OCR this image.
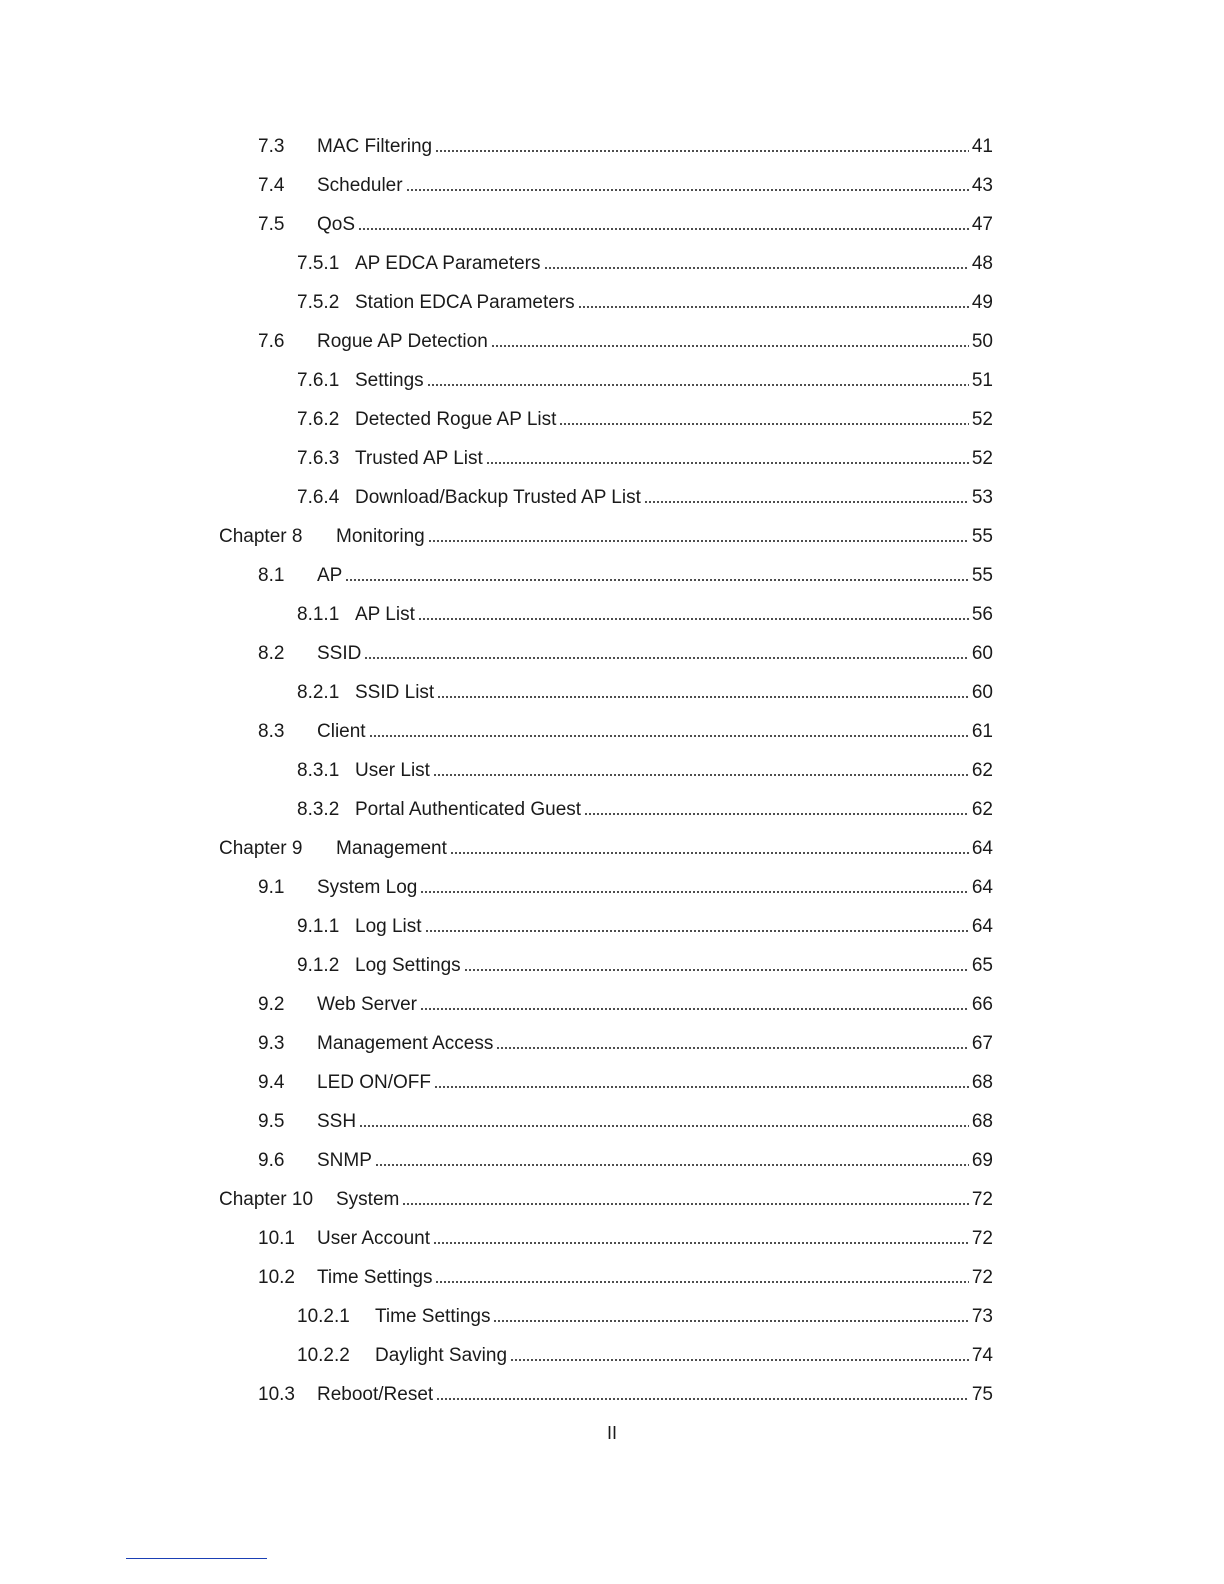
7.3	MAC Filtering	41
7.4	Scheduler	43
7.5	QoS	47
7.5.1 AP EDCA Parameters	48
7.5.2 Station EDCA Parameters	49
7.6	Rogue AP Detection	50
7.6.1 Settings	51
7.6.2 Detected Rogue AP List	52
7.6.3 Trusted AP List	52
7.6.4 Download/Backup Trusted AP List	53
Chapter 8	Monitoring	55
8.1	AP	55
8.1.1 AP List	56
8.2	SSID	60
8.2.1 SSID List	60
8.3	Client	61
8.3.1 User List	62
8.3.2 Portal Authenticated Guest	62
Chapter 9	Management	64
9.1	System Log	64
9.1.1 Log List	64
9.1.2 Log Settings	65
9.2	Web Server	66
9.3	Management Access	67
9.4	LED ON/OFF	68
9.5	SSH	68
9.6	SNMP	69
Chapter 10	System	72
10.1	User Account	72
10.2	Time Settings	72
10.2.1	Time Settings	73
10.2.2	Daylight Saving	74
10.3	Reboot/Reset	75
II
